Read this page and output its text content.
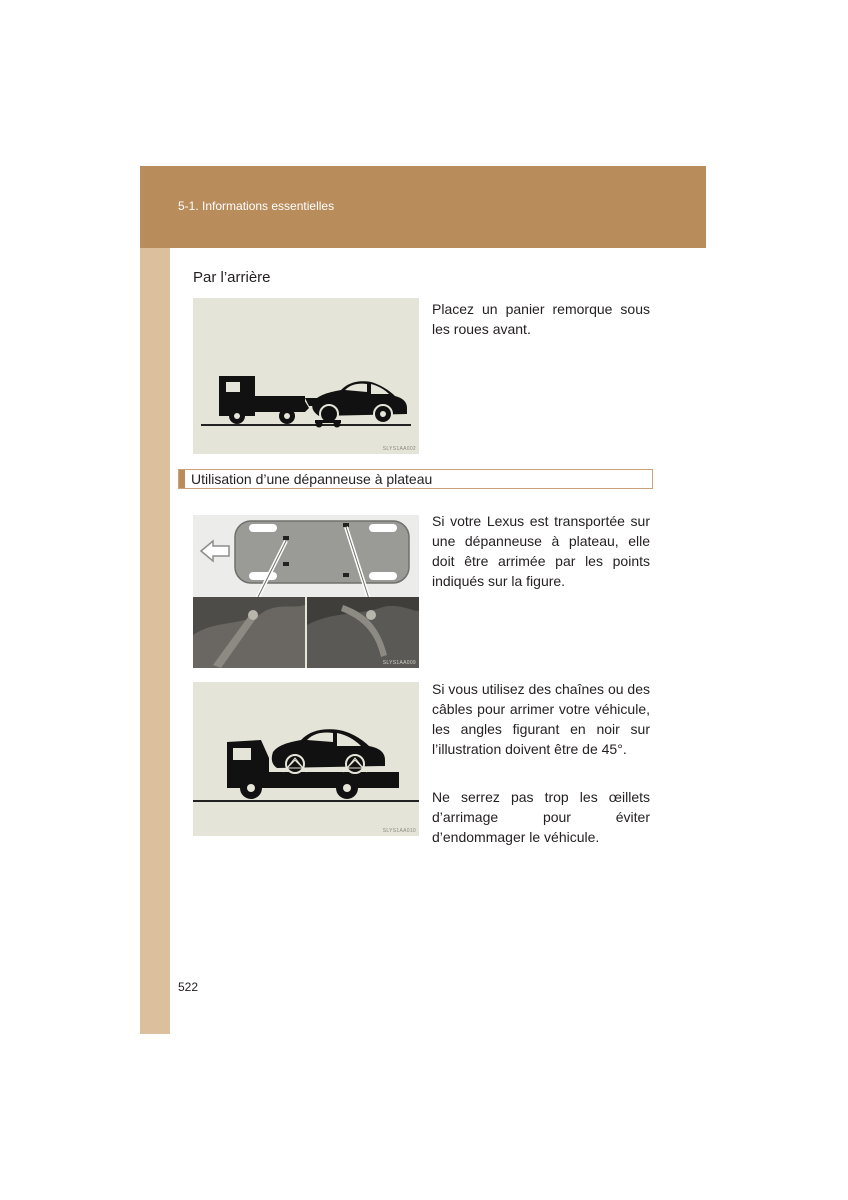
5-1. Informations essentielles
Par l’arrière
SLYS1AA002
Placez un panier remorque sous les roues avant.
Utilisation d’une dépanneuse à plateau
SLYS1AA009
Si votre Lexus est transportée sur une dépanneuse à plateau, elle doit être arrimée par les points indiqués sur la figure.
SLYS1AA010
Si vous utilisez des chaînes ou des câbles pour arrimer votre véhicule, les angles figurant en noir sur l’illustration doivent être de 45°.
Ne serrez pas trop les œillets d’arrimage pour éviter d’endommager le véhicule.
522
